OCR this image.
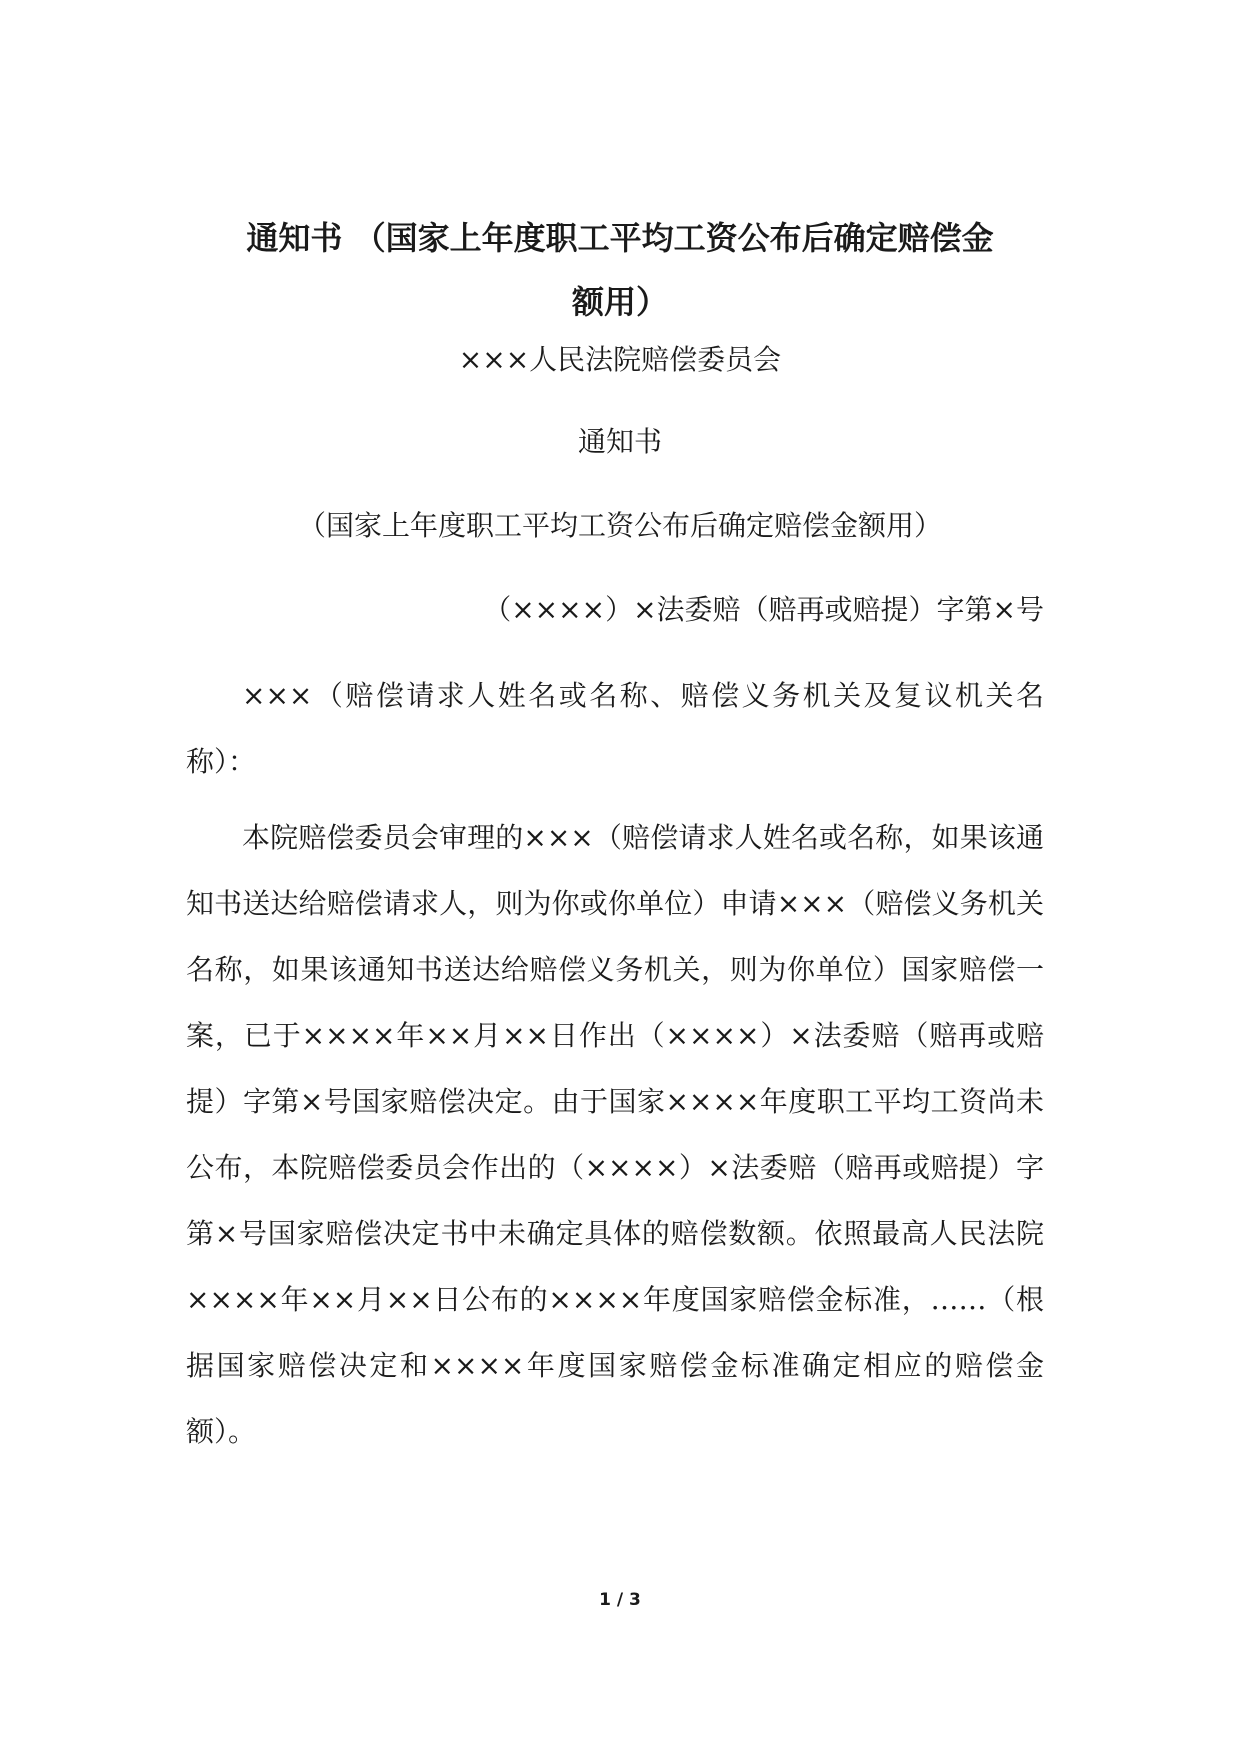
通知书 （国家上年度职工平均工资公布后确定赔偿金
额用）
×××人民法院赔偿委员会
通知书
（国家上年度职工平均工资公布后确定赔偿金额用）
（××××）×法委赔（赔再或赔提）字第×号

×××（赔偿请求人姓名或名称、赔偿义务机关及复议机关名称）：

本院赔偿委员会审理的×××（赔偿请求人姓名或名称，如果该通知书送达给赔偿请求人，则为你或你单位）申请×××（赔偿义务机关名称，如果该通知书送达给赔偿义务机关，则为你单位）国家赔偿一案，已于××××年××月××日作出（××××）×法委赔（赔再或赔提）字第×号国家赔偿决定。由于国家××××年度职工平均工资尚未公布，本院赔偿委员会作出的（××××）×法委赔（赔再或赔提）字第×号国家赔偿决定书中未确定具体的赔偿数额。依照最高人民法院××××年××月××日公布的××××年度国家赔偿金标准，……（根据国家赔偿决定和××××年度国家赔偿金标准确定相应的赔偿金额）。

1 / 3
